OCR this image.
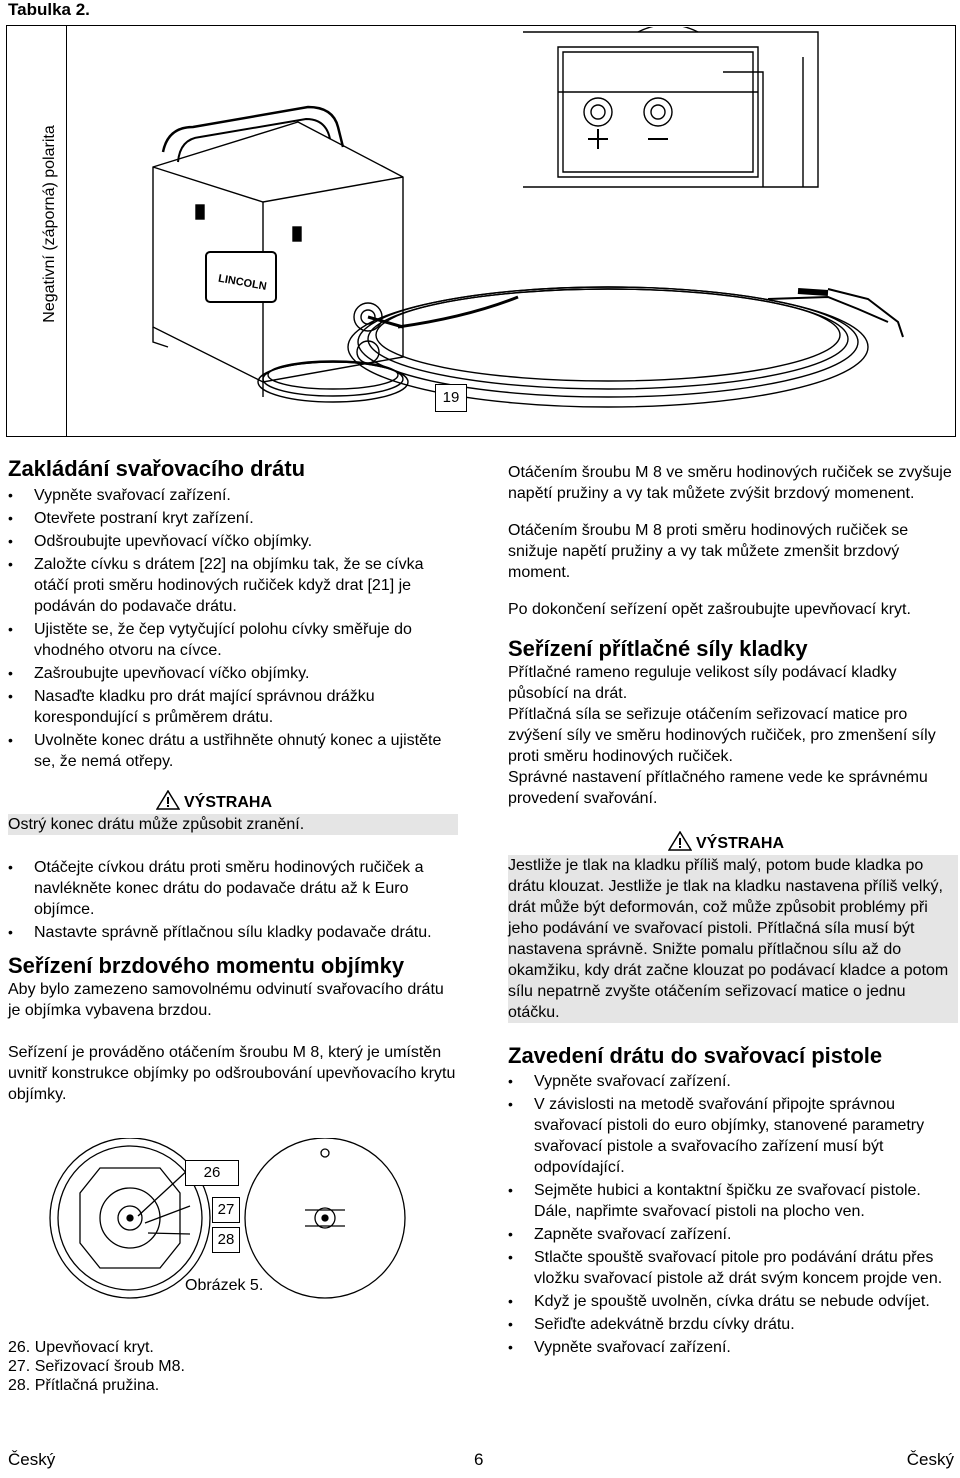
Tabulka 2.
Negativní (záporná) polarita	LINCOLN
19
Zakládání svařovacího drátu
• Vypněte svařovací zařízení.
• Otevřete postraní kryt zařízení.
• Odšroubujte upevňovací víčko objímky.
• Založte cívku s drátem [22] na objímku tak, že se cívka otáčí proti směru hodinových ručiček když drat [21] je podáván do podavače drátu.
• Ujistěte se, že čep vytyčující polohu cívky směřuje do vhodného otvoru na cívce.
• Zašroubujte upevňovací víčko objímky.
• Nasaďte kladku pro drát mající správnou drážku korespondující s průměrem drátu.
• Uvolněte konec drátu a ustřihněte ohnutý konec a ujistěte se, že nemá otřepy.
VÝSTRAHA
Ostrý konec drátu může způsobit zranění.
• Otáčejte cívkou drátu proti směru hodinových ručiček a navlékněte konec drátu do podavače drátu až k Euro objímce.
• Nastavte správně přítlačnou sílu kladky podavače drátu.
Seřízení brzdového momentu objímky

Aby bylo zamezeno samovolnému odvinutí svařovacího drátu je objímka vybavena brzdou.

Seřízení je prováděno otáčením šroubu M 8, který je umístěn uvnitř konstrukce objímky po odšroubování upevňovacího krytu objímky.

26
27
28
Obrázek 5.
26. Upevňovací kryt.
27. Seřizovací šroub M8.
28. Přítlačná pružina.

Otáčením šroubu M 8 ve směru hodinových ručiček se zvyšuje napětí pružiny a vy tak můžete zvýšit brzdový momenent.

Otáčením šroubu M 8 proti směru hodinových ručiček se snižuje napětí pružiny a vy tak můžete zmenšit brzdový moment.

Po dokončení seřízení opět zašroubujte upevňovací kryt.

Seřízení přítlačné síly kladky

Přítlačné rameno reguluje velikost síly podávací kladky působící na drát.

Přítlačná síla se seřizuje otáčením seřizovací matice pro zvýšení síly ve směru hodinových ručiček, pro zmenšení síly proti směru hodinových ručiček.

Správné nastavení přítlačného ramene vede ke správnému provedení svařování.

VÝSTRAHA
Jestliže je tlak na kladku příliš malý, potom bude kladka po drátu klouzat. Jestliže je tlak na kladku nastavena příliš velký, drát může být deformován, což může způsobit problémy při jeho podávání ve svařovací pistoli. Přítlačná síla musí být nastavena správně. Snižte pomalu přítlačnou sílu až do okamžiku, kdy drát začne klouzat po podávací kladce a potom sílu nepatrně zvyšte otáčením seřizovací matice o jednu otáčku.
Zavedení drátu do svařovací pistole
• Vypněte svařovací zařízení.
• V závislosti na metodě svařování připojte správnou svařovací pistoli do euro objímky, stanovené parametry svařovací pistole a svařovacího zařízení musí být odpovídající.
• Sejměte hubici a kontaktní špičku ze svařovací pistole. Dále, napřimte svařovací pistoli na plocho ven.
• Zapněte svařovací zařízení.
• Stlačte spouště svařovací pitole pro podávání drátu přes vložku svařovací pistole až drát svým koncem projde ven.
• Když je spouště uvolněn, cívka drátu se nebude odvíjet.
• Seřiďte adekvátně brzdu cívky drátu.
• Vypněte svařovací zařízení.
Český	6	Český
